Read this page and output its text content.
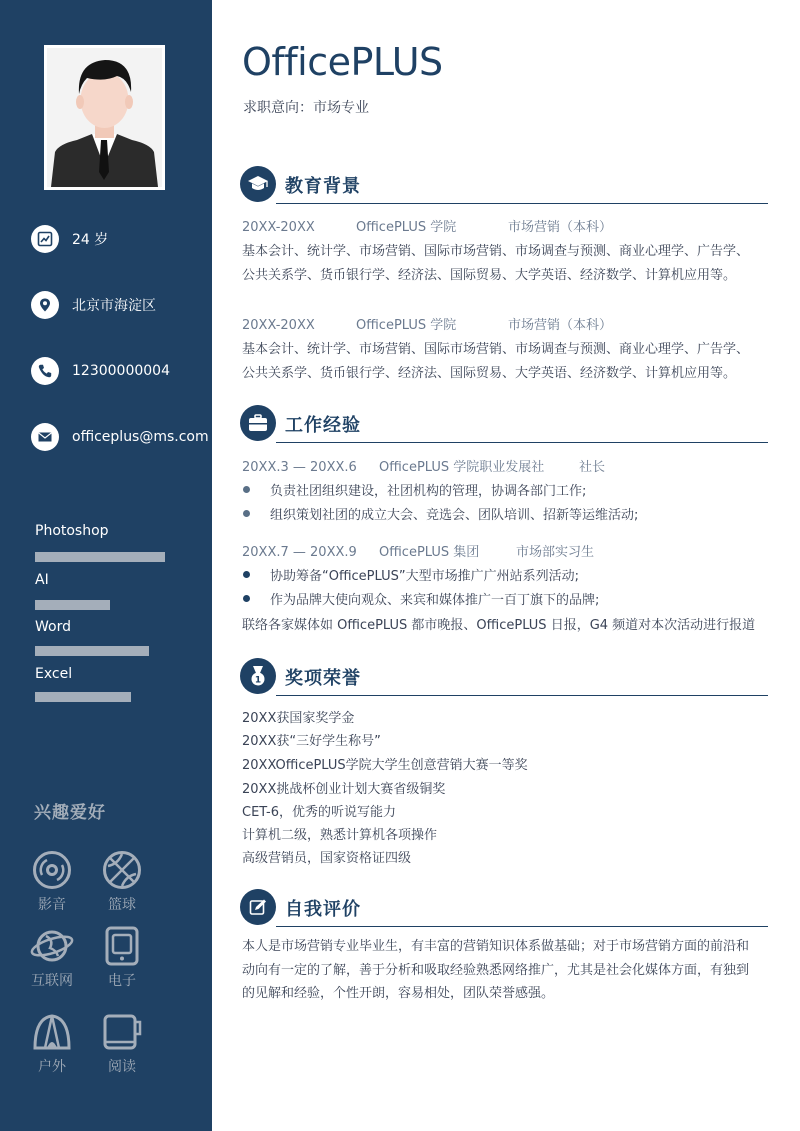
24 岁
北京市海淀区
12300000004
officeplus@ms.com
Photoshop
AI
Word
Excel
兴趣爱好
影音	篮球
互联网	电子
户外	阅读
OfficePLUS
求职意向：市场专业
教育背景
20XX-20XX	OfficePLUS 学院	市场营销（本科）
基本会计、统计学、市场营销、国际市场营销、市场调查与预测、商业心理学、广告学、
公共关系学、货币银行学、经济法、国际贸易、大学英语、经济数学、计算机应用等。
20XX-20XX	OfficePLUS 学院	市场营销（本科）
基本会计、统计学、市场营销、国际市场营销、市场调查与预测、商业心理学、广告学、
公共关系学、货币银行学、经济法、国际贸易、大学英语、经济数学、计算机应用等。
工作经验
20XX.3 — 20XX.6 OfficePLUS 学院职业发展社	社长
负责社团组织建设，社团机构的管理，协调各部门工作;
组织策划社团的成立大会、竞选会、团队培训、招新等运维活动;
20XX.7 — 20XX.9 OfficePLUS 集团	市场部实习生
协助筹备“OfficePLUS”大型市场推广广州站系列活动;
作为品牌大使向观众、来宾和媒体推广一百丁旗下的品牌;
联络各家媒体如 OfficePLUS 都市晚报、OfficePLUS 日报，G4 频道对本次活动进行报道
1 奖项荣誉
20XX获国家奖学金
20XX获“三好学生称号”
20XXOfficePLUS学院大学生创意营销大赛一等奖
20XX挑战杯创业计划大赛省级铜奖
CET-6，优秀的听说写能力
计算机二级，熟悉计算机各项操作
高级营销员，国家资格证四级
自我评价
本人是市场营销专业毕业生，有丰富的营销知识体系做基础；对于市场营销方面的前沿和
动向有一定的了解，善于分析和吸取经验熟悉网络推广，尤其是社会化媒体方面，有独到
的见解和经验，个性开朗，容易相处，团队荣誉感强。
